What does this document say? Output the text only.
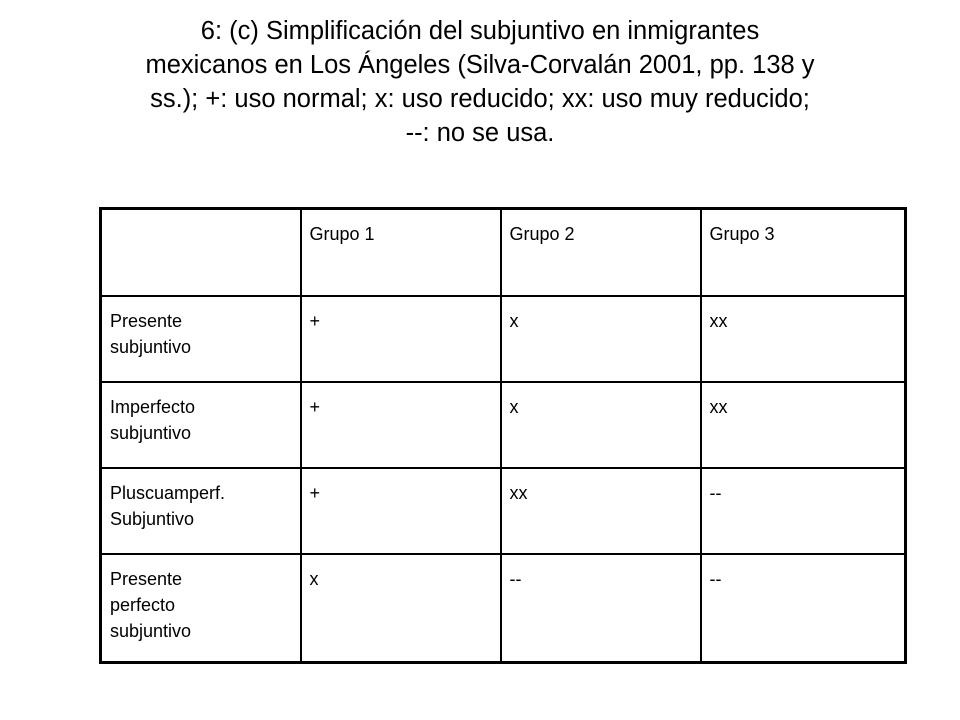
6: (c) Simplificación del subjuntivo en inmigrantes
mexicanos en Los Ángeles (Silva-Corvalán 2001, pp. 138 y
ss.); +: uso normal; x: uso reducido; xx: uso muy reducido;
--: no se usa.
	Grupo 1	Grupo 2	Grupo 3

Presente
subjuntivo	+	x	xx

Imperfecto
subjuntivo	+	x	xx

Pluscuamperf.
Subjuntivo	+	xx	--

Presente
perfecto
subjuntivo	x	--	--
